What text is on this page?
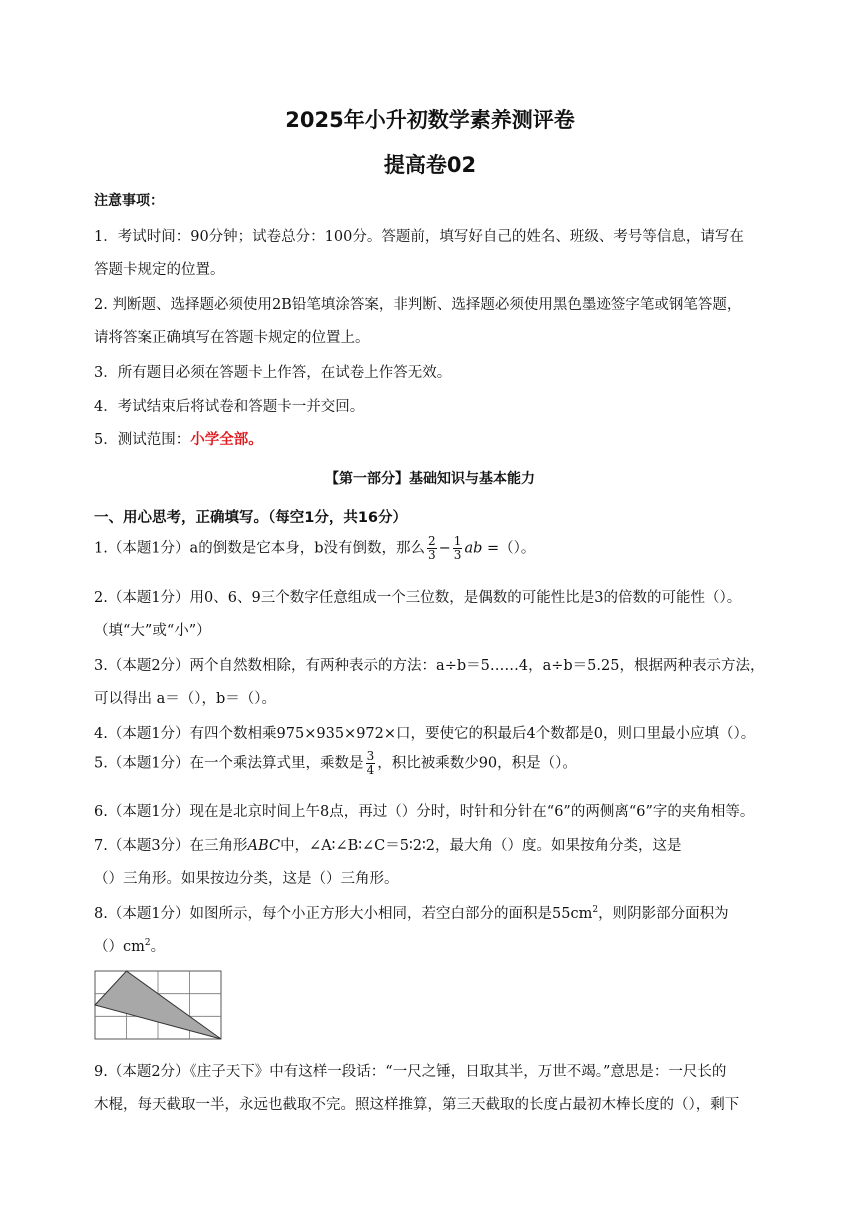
2025年小升初数学素养测评卷
提高卷02
注意事项：
1．考试时间：90分钟；试卷总分：100分。答题前，填写好自己的姓名、班级、考号等信息，请写在
答题卡规定的位置。
2. 判断题、选择题必须使用2B铅笔填涂答案，非判断、选择题必须使用黑色墨迹签字笔或钢笔答题，
请将答案正确填写在答题卡规定的位置上。
3．所有题目必须在答题卡上作答，在试卷上作答无效。
4．考试结束后将试卷和答题卡一并交回。
5．测试范围：小学全部。
【第一部分】基础知识与基本能力
一、用心思考，正确填写。（每空1分，共16分）
1.（本题1分）a的倒数是它本身，b没有倒数，那么 $\frac{2}{3} - \frac{1}{3}$ ab =（）。
2.（本题1分）用0、6、9三个数字任意组成一个三位数，是偶数的可能性比是3的倍数的可能性（）。
（填“大”或“小”）
3.（本题2分）两个自然数相除，有两种表示的方法：a÷b＝5……4，a÷b＝5.25，根据两种表示方法，
可以得出 a＝（），b＝（）。
4.（本题1分）有四个数相乘975×935×972×口，要使它的积最后4个数都是0，则口里最小应填（）。
5.（本题1分）在一个乘法算式里，乘数是 $\frac{3}{4}$ ，积比被乘数少90，积是（）。
6.（本题1分）现在是北京时间上午8点，再过（）分时，时针和分针在“6”的两侧离“6”字的夹角相等。
7.（本题3分）在三角形ABC中，∠A∶∠B∶∠C＝5∶2∶2，最大角（）度。如果按角分类，这是
（）三角形。如果按边分类，这是（）三角形。
8.（本题1分）如图所示，每个小正方形大小相同，若空白部分的面积是$55cm^2$，则阴影部分面积为
$()cm^2$。
9.（本题2分）《庄子天下》中有这样一段话：“一尺之锤，日取其半，万世不竭。”意思是：一尺长的
木棍，每天截取一半，永远也截取不完。照这样推算，第三天截取的长度占最初木棒长度的（），剩下
